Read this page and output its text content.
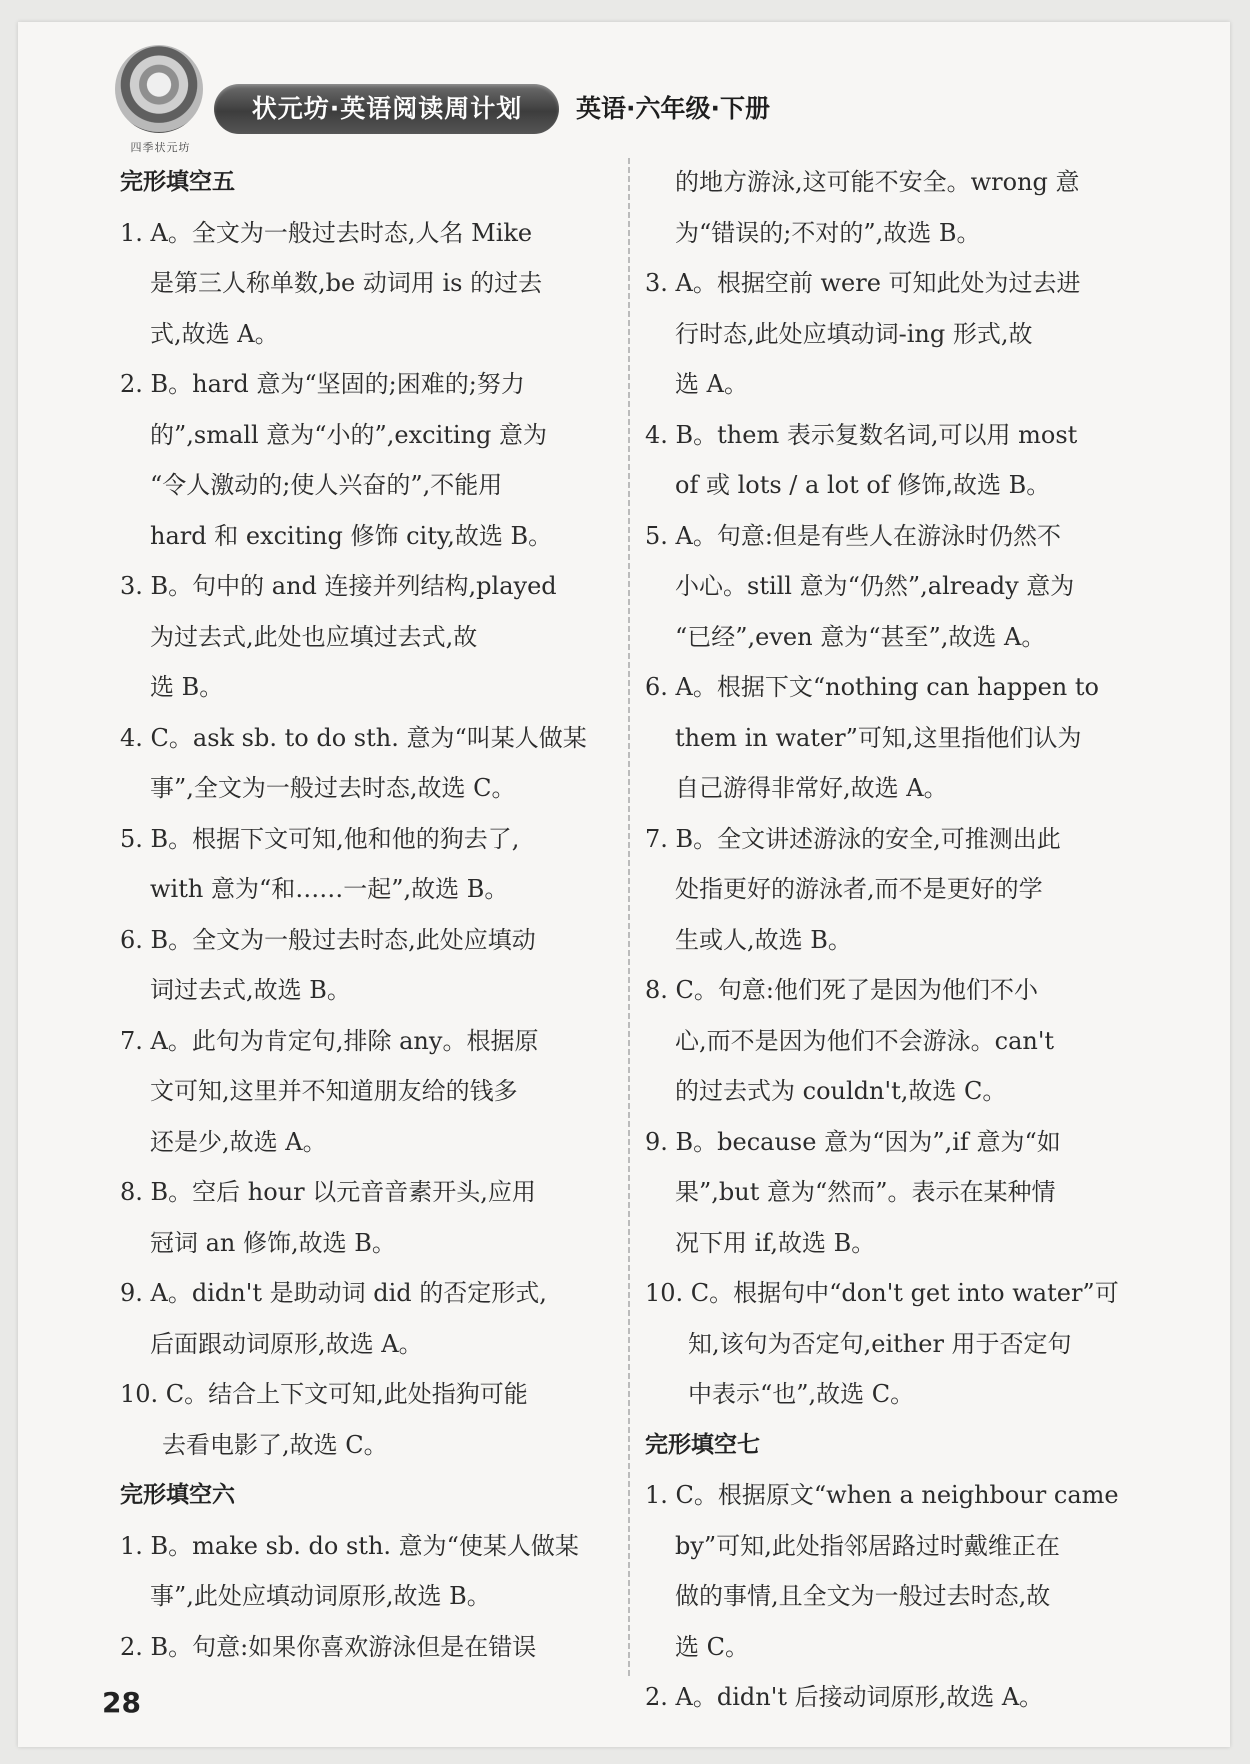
四季状元坊
状元坊·英语阅读周计划	英语·六年级·下册
完形填空五
1. A。全文为一般过去时态,人名 Mike
是第三人称单数,be 动词用 is 的过去
式,故选 A。
2. B。hard 意为“坚固的;困难的;努力
的”,small 意为“小的”,exciting 意为
“令人激动的;使人兴奋的”,不能用
hard 和 exciting 修饰 city,故选 B。
3. B。句中的 and 连接并列结构,played
为过去式,此处也应填过去式,故
选 B。
4. C。ask sb. to do sth. 意为“叫某人做某
事”,全文为一般过去时态,故选 C。
5. B。根据下文可知,他和他的狗去了,
with 意为“和……一起”,故选 B。
6. B。全文为一般过去时态,此处应填动
词过去式,故选 B。
7. A。此句为肯定句,排除 any。根据原
文可知,这里并不知道朋友给的钱多
还是少,故选 A。
8. B。空后 hour 以元音音素开头,应用
冠词 an 修饰,故选 B。
9. A。didn't 是助动词 did 的否定形式,
后面跟动词原形,故选 A。
10. C。结合上下文可知,此处指狗可能
去看电影了,故选 C。
完形填空六
1. B。make sb. do sth. 意为“使某人做某
事”,此处应填动词原形,故选 B。
2. B。句意:如果你喜欢游泳但是在错误
的地方游泳,这可能不安全。wrong 意
为“错误的;不对的”,故选 B。
3. A。根据空前 were 可知此处为过去进
行时态,此处应填动词-ing 形式,故
选 A。
4. B。them 表示复数名词,可以用 most
of 或 lots / a lot of 修饰,故选 B。
5. A。句意:但是有些人在游泳时仍然不
小心。still 意为“仍然”,already 意为
“已经”,even 意为“甚至”,故选 A。
6. A。根据下文“nothing can happen to
them in water”可知,这里指他们认为
自己游得非常好,故选 A。
7. B。全文讲述游泳的安全,可推测出此
处指更好的游泳者,而不是更好的学
生或人,故选 B。
8. C。句意:他们死了是因为他们不小
心,而不是因为他们不会游泳。can't
的过去式为 couldn't,故选 C。
9. B。because 意为“因为”,if 意为“如
果”,but 意为“然而”。表示在某种情
况下用 if,故选 B。
10. C。根据句中“don't get into water”可
知,该句为否定句,either 用于否定句
中表示“也”,故选 C。
完形填空七
1. C。根据原文“when a neighbour came
by”可知,此处指邻居路过时戴维正在
做的事情,且全文为一般过去时态,故
选 C。
2. A。didn't 后接动词原形,故选 A。
28
